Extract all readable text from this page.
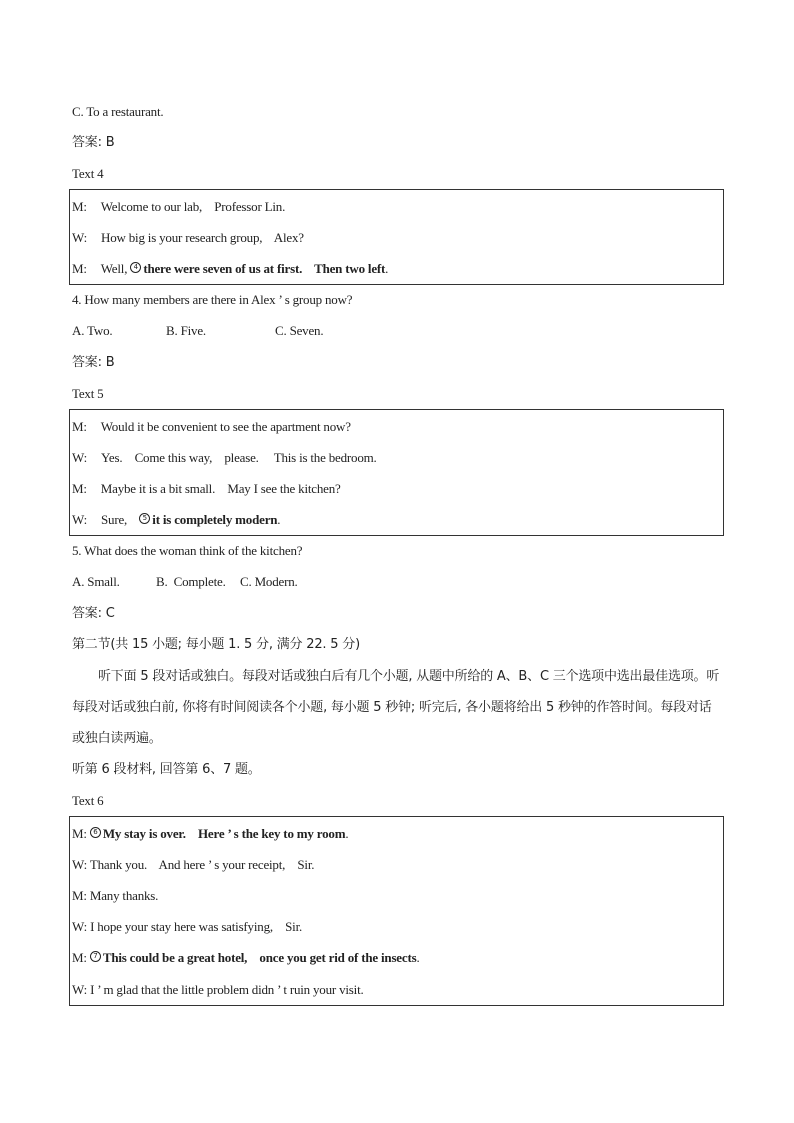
C. To a restaurant.
答案: B
Text 4
M: Welcome to our lab,    Professor Lin.
W: How big is your research group,    Alex?
M: Well, 4 there were seven of us at first.    Then two left.
4. How many members are there in Alex ’ s group now?
A. Two.	B. Five.	C. Seven.
答案: B
Text 5
M: Would it be convenient to see the apartment now?
W: Yes.    Come this way,    please.     This is the bedroom.
M: Maybe it is a bit small.    May I see the kitchen?
W: Sure,    5 it is completely modern.
5. What does the woman think of the kitchen?
A. Small.	B.  Complete. C. Modern.
答案: C
第二节(共 15 小题; 每小题 1. 5 分, 满分 22. 5 分)
听下面 5 段对话或独白。每段对话或独白后有几个小题, 从题中所给的 A、B、C 三个选项中选出最佳选项。听每段对话或独白前, 你将有时间阅读各个小题, 每小题 5 秒钟; 听完后, 各小题将给出 5 秒钟的作答时间。每段对话或独白读两遍。
听第 6 段材料, 回答第 6、7 题。
Text 6
M: 6 My stay is over.    Here ’ s the key to my room.
W: Thank you.    And here ’ s your receipt,    Sir.
M: Many thanks.
W: I hope your stay here was satisfying,    Sir.
M: 7 This could be a great hotel,    once you get rid of the insects.
W: I ’ m glad that the little problem didn ’ t ruin your visit.
